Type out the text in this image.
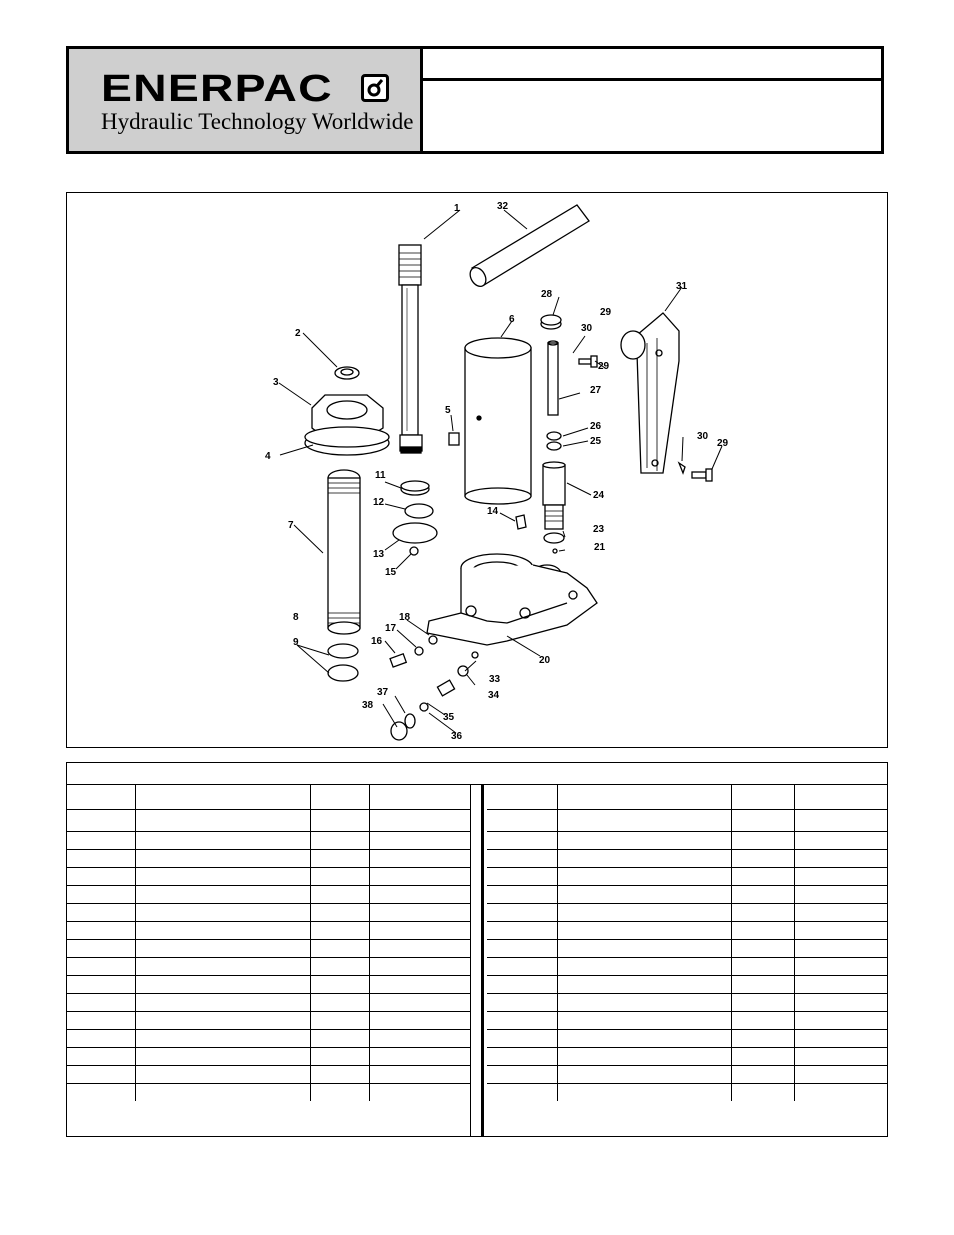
ENERPAC
Hydraulic Technology Worldwide
1
2
3
4
5
6
7
8
9
11
12
13
14
15
16
17
18
20
21
23
24
25
26
27
28
29
30
31
32
33
34
35
36
37
38
30
29
29
